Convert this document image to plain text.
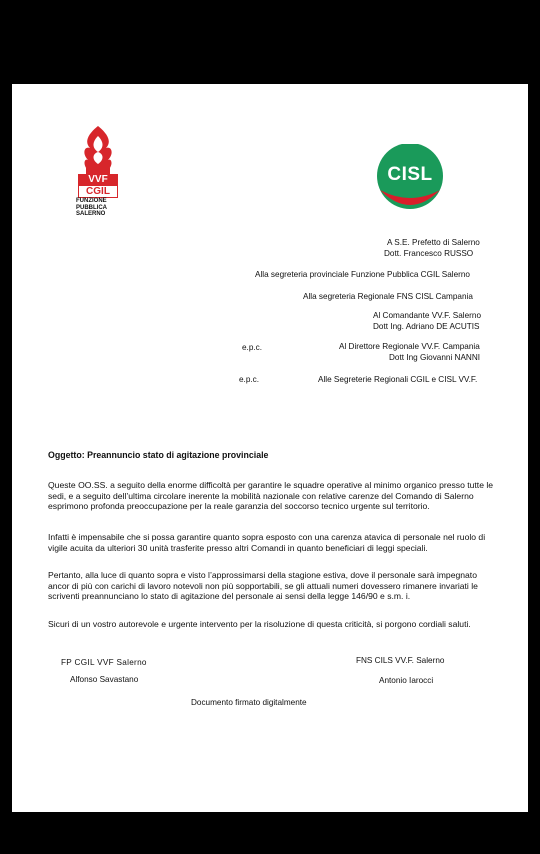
VVF
CGIL
FUNZIONE
PUBBLICA
SALERNO
CISL
A S.E. Prefetto di Salerno
Dott. Francesco RUSSO
Alla segreteria provinciale Funzione Pubblica CGIL Salerno
Alla segreteria Regionale FNS CISL Campania
Al Comandante VV.F. Salerno
Dott Ing. Adriano DE ACUTIS
e.p.c.	Al Direttore Regionale VV.F. Campania
Dott Ing Giovanni NANNI
e.p.c.	Alle Segreterie Regionali CGIL e CISL VV.F.
Oggetto: Preannuncio stato di agitazione provinciale
Queste OO.SS. a seguito della enorme difficoltà per garantire le squadre operative al minimo organico presso tutte le sedi, e a seguito dell’ultima circolare inerente la mobilità nazionale con relative carenze del Comando di Salerno esprimono profonda preoccupazione per la reale garanzia del soccorso tecnico urgente sul territorio.
Infatti è impensabile che si possa garantire quanto sopra esposto con una carenza atavica di personale nel ruolo di vigile acuita da ulteriori 30 unità trasferite presso altri Comandi in quanto beneficiari di leggi speciali.
Pertanto, alla luce di quanto sopra e visto l’approssimarsi della stagione estiva, dove il personale sarà impegnato ancor di più con carichi di lavoro notevoli non più sopportabili, se gli attuali numeri dovessero rimanere invariati le scriventi preannunciano lo stato di agitazione del personale ai sensi della legge 146/90 e s.m. i.
Sicuri di un vostro autorevole e urgente intervento per la risoluzione di questa criticità, si porgono cordiali saluti.
FP CGIL VVF Salerno
Alfonso Savastano
FNS CILS VV.F. Salerno
Antonio Iarocci
Documento firmato digitalmente
